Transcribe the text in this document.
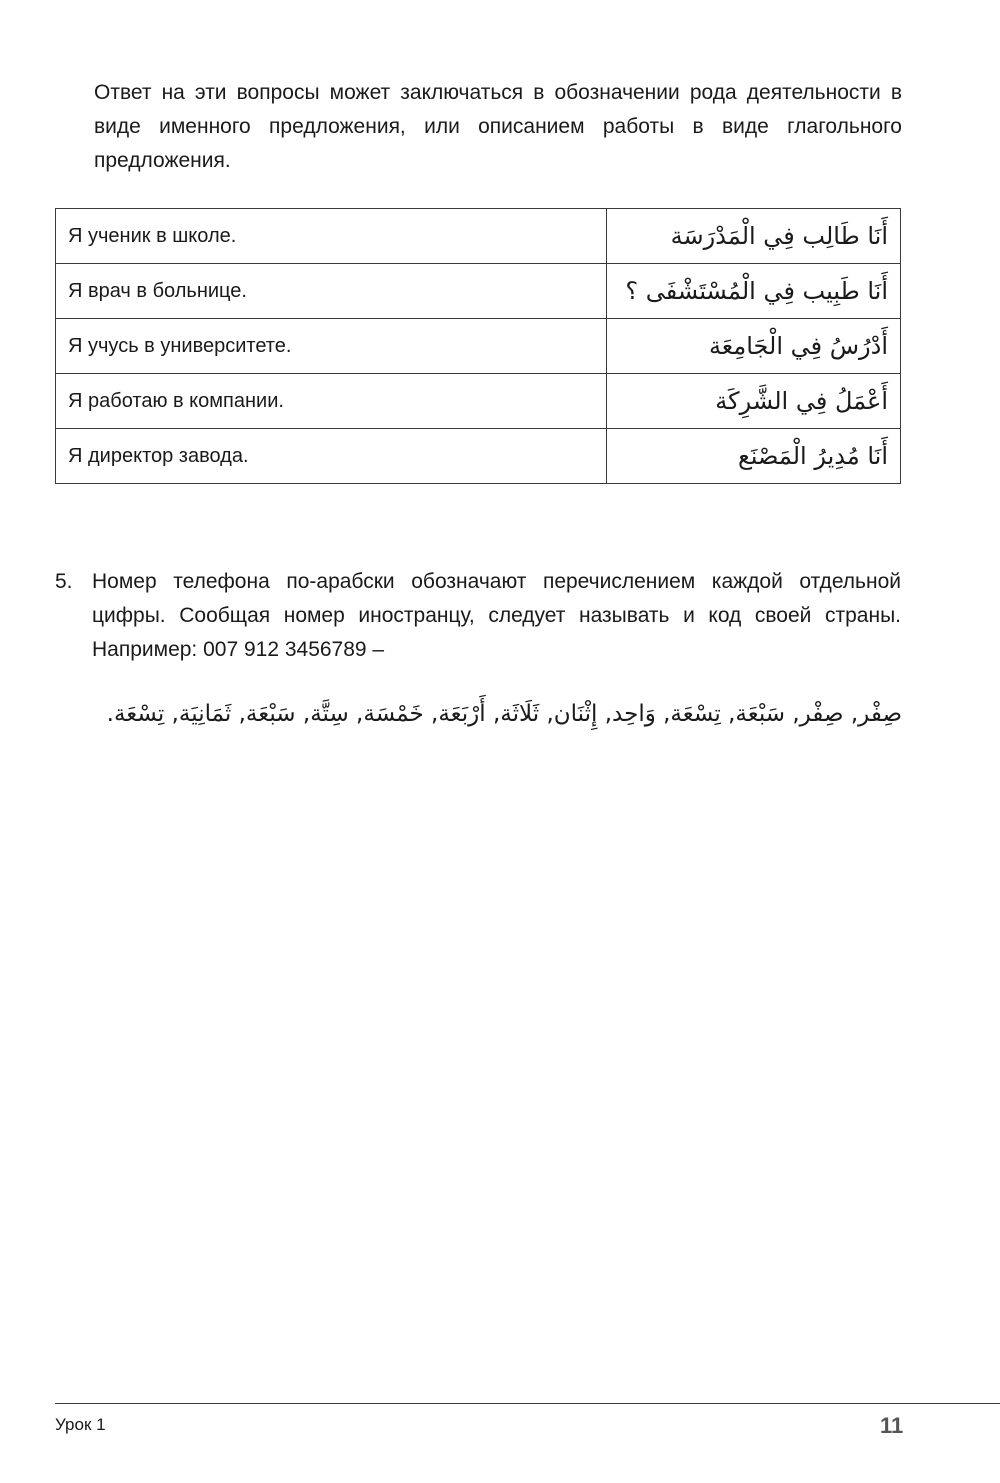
Ответ на эти вопросы может заключаться в обозначении рода деятельности в виде именного предложения, или описанием работы в виде глагольного предложения.

Я ученик в школе.	أَنَا طَالِب فِي الْمَدْرَسَة
Я врач в больнице.	أَنَا طَبِيب فِي الْمُسْتَشْفَى ؟
Я учусь в университете.	أَدْرُسُ فِي الْجَامِعَة
Я работаю в компании.	أَعْمَلُ فِي الشَّرِكَة
Я директор завода.	أَنَا مُدِيرُ الْمَصْنَع
5. Номер телефона по-арабски обозначают перечислением каждой отдельной цифры. Сообщая номер иностранцу, следует называть и код своей страны. Например: 007 912 3456789 –

صِفْر, صِفْر, سَبْعَة, تِسْعَة, وَاحِد, إِثْنَان, ثَلَاثَة, أَرْبَعَة, خَمْسَة, سِتَّة, سَبْعَة, ثَمَانِيَة, تِسْعَة.

Урок 1	11
